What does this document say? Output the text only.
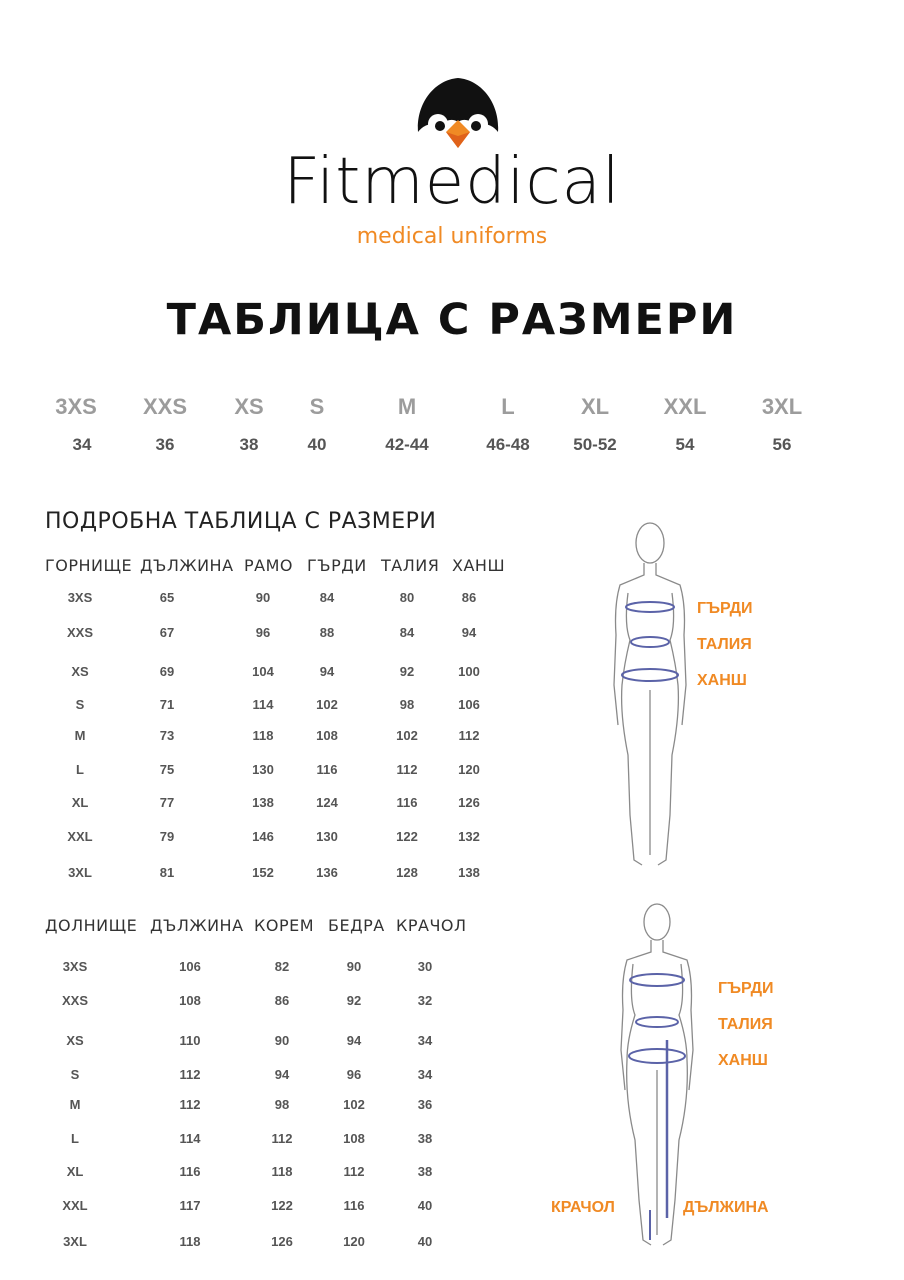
Fitmedical
medical uniforms
ТАБЛИЦА С РАЗМЕРИ
3XS	XXS	XS	S	M	L	XL	XXL	3XL
34	36	38	40	42-44	46-48	50-52	54	56
ПОДРОБНА ТАБЛИЦА С РАЗМЕРИ
ГОРНИЩЕ ДЪЛЖИНА РАМО ГЪРДИ ТАЛИЯ ХАНШ
3XS	65	90	84	80	86
XXS	67	96	88	84	94
XS	69	104	94	92	100
S	71	114	102	98	106
M	73	118	108	102	112
L	75	130	116	112	120
XL	77	138	124	116	126
XXL	79	146	130	122	132
3XL	81	152	136	128	138
ДОЛНИЩЕ ДЪЛЖИНА КОРЕМ БЕДРА КРАЧОЛ
3XS	106	82	90	30
XXS	108	86	92	32
XS	110	90	94	34
S	112	94	96	34
M	112	98	102	36
L	114	112	108	38
XL	116	118	112	38
XXL	117	122	116	40
3XL	118	126	120	40
ГЪРДИ
ТАЛИЯ
ХАНШ
ГЪРДИ
ТАЛИЯ
ХАНШ
КРАЧОЛ	ДЪЛЖИНА
